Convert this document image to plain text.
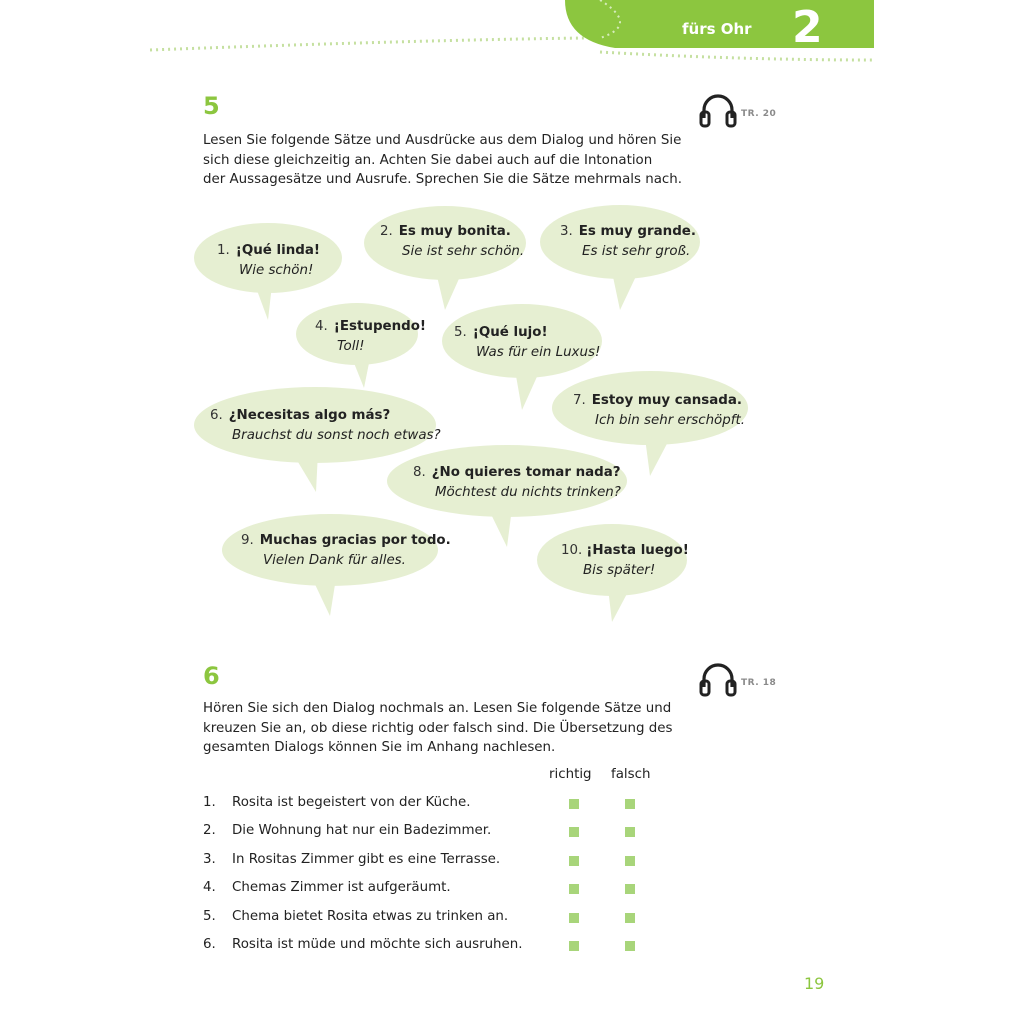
fürs Ohr 2
5	TR. 20
Lesen Sie folgende Sätze und Ausdrücke aus dem Dialog und hören Sie
sich diese gleichzeitig an. Achten Sie dabei auch auf die Intonation
der Aussagesätze und Ausrufe. Sprechen Sie die Sätze mehrmals nach.
1. ¡Qué linda!
Wie schön!
2. Es muy bonita.
Sie ist sehr schön.
3. Es muy grande.
Es ist sehr groß.
4. ¡Estupendo!
Toll!
5. ¡Qué lujo!
Was für ein Luxus!
6. ¿Necesitas algo más?
Brauchst du sonst noch etwas?
7. Estoy muy cansada.
Ich bin sehr erschöpft.
8. ¿No quieres tomar nada?
Möchtest du nichts trinken?
9. Muchas gracias por todo.
Vielen Dank für alles.
10. ¡Hasta luego!
Bis später!
6	TR. 18
Hören Sie sich den Dialog nochmals an. Lesen Sie folgende Sätze und
kreuzen Sie an, ob diese richtig oder falsch sind. Die Übersetzung des
gesamten Dialogs können Sie im Anhang nachlesen.
richtig falsch
1. Rosita ist begeistert von der Küche.
2. Die Wohnung hat nur ein Badezimmer.
3. In Rositas Zimmer gibt es eine Terrasse.
4. Chemas Zimmer ist aufgeräumt.
5. Chema bietet Rosita etwas zu trinken an.
6. Rosita ist müde und möchte sich ausruhen.
19
